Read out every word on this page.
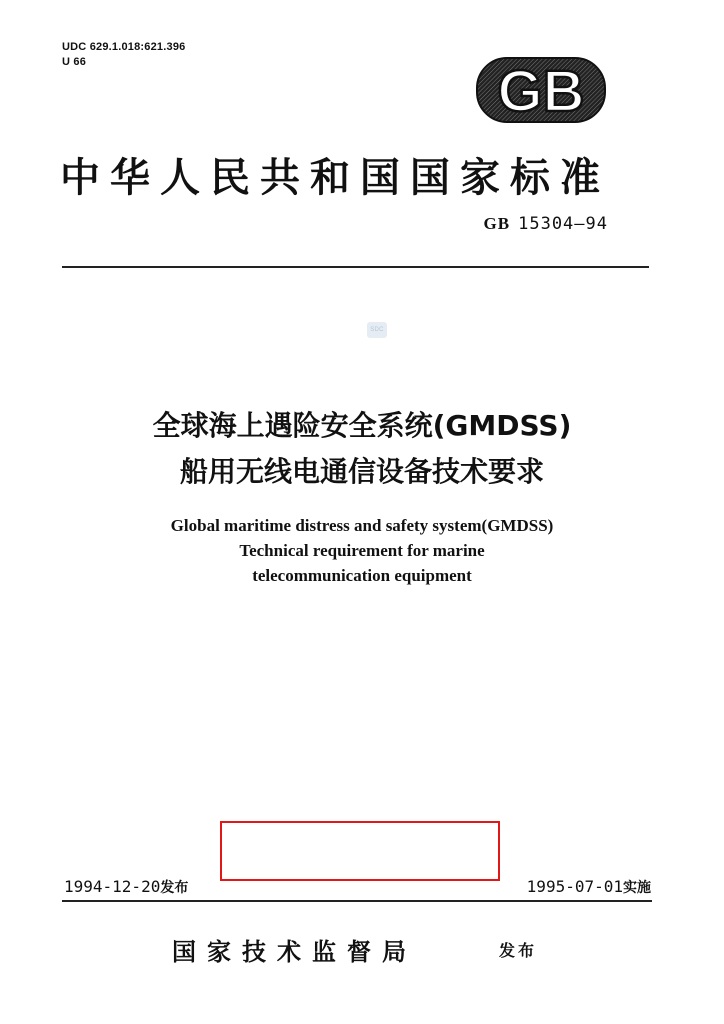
UDC 629.1.018:621.396
U 66	GB
中华人民共和国国家标准
GB 15304—94
SDC
全球海上遇险安全系统(GMDSS)
船用无线电通信设备技术要求
Global maritime distress and safety system(GMDSS)
Technical requirement for marine
telecommunication equipment
1994-12-20发布	1995-07-01实施
国家技术监督局	发布
